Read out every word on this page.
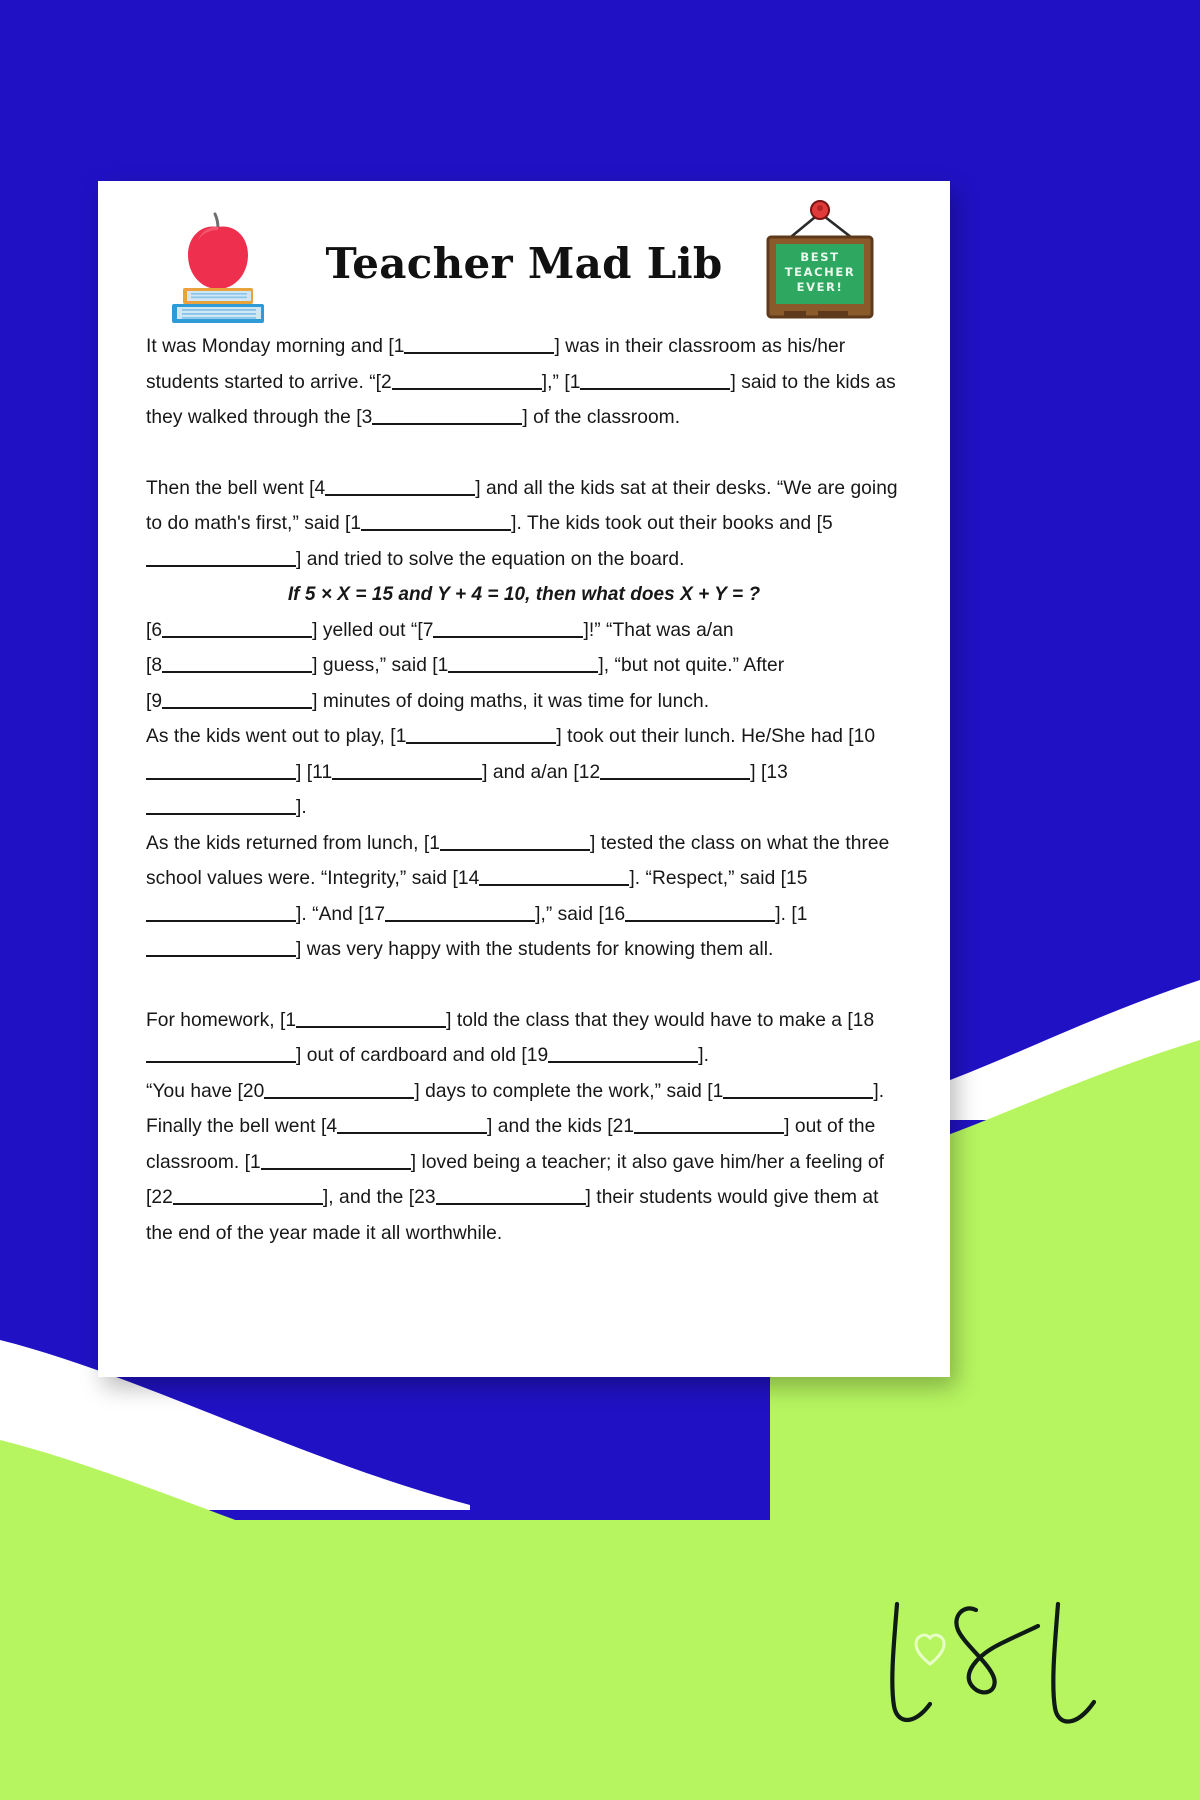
Teacher Mad Lib	BEST
TEACHER
EVER!

It was Monday morning and [1	] was in their classroom as his/her students started to arrive. “[2	],” [1	] said to the kids as they walked through the [3	] of the classroom.

Then the bell went [4	] and all the kids sat at their desks. “We are going to do math's first,” said [1	]. The kids took out their books and [5] and tried to solve the equation on the board.

If 5 × X = 15 and Y + 4 = 10, then what does X + Y = ?

[6	] yelled out “[7	]!” “That was a/an

[8	] guess,” said [1	], “but not quite.” After

[9	] minutes of doing maths, it was time for lunch.

As the kids went out to play, [1	] took out their lunch. He/She had [10] [11	] and a/an [12	] [13].

As the kids returned from lunch, [1	] tested the class on what the three school values were. “Integrity,” said [14	]. “Respect,” said [15]. “And [17	],” said [16	]. [1] was very happy with the students for knowing them all.

For homework, [1	] told the class that they would have to make a [18] out of cardboard and old [19	].

“You have [20	] days to complete the work,” said [1	].

Finally the bell went [4	] and the kids [21	] out of the classroom. [1	] loved being a teacher; it also gave him/her a feeling of [22	], and the [23	] their students would give them at the end of the year made it all worthwhile.
